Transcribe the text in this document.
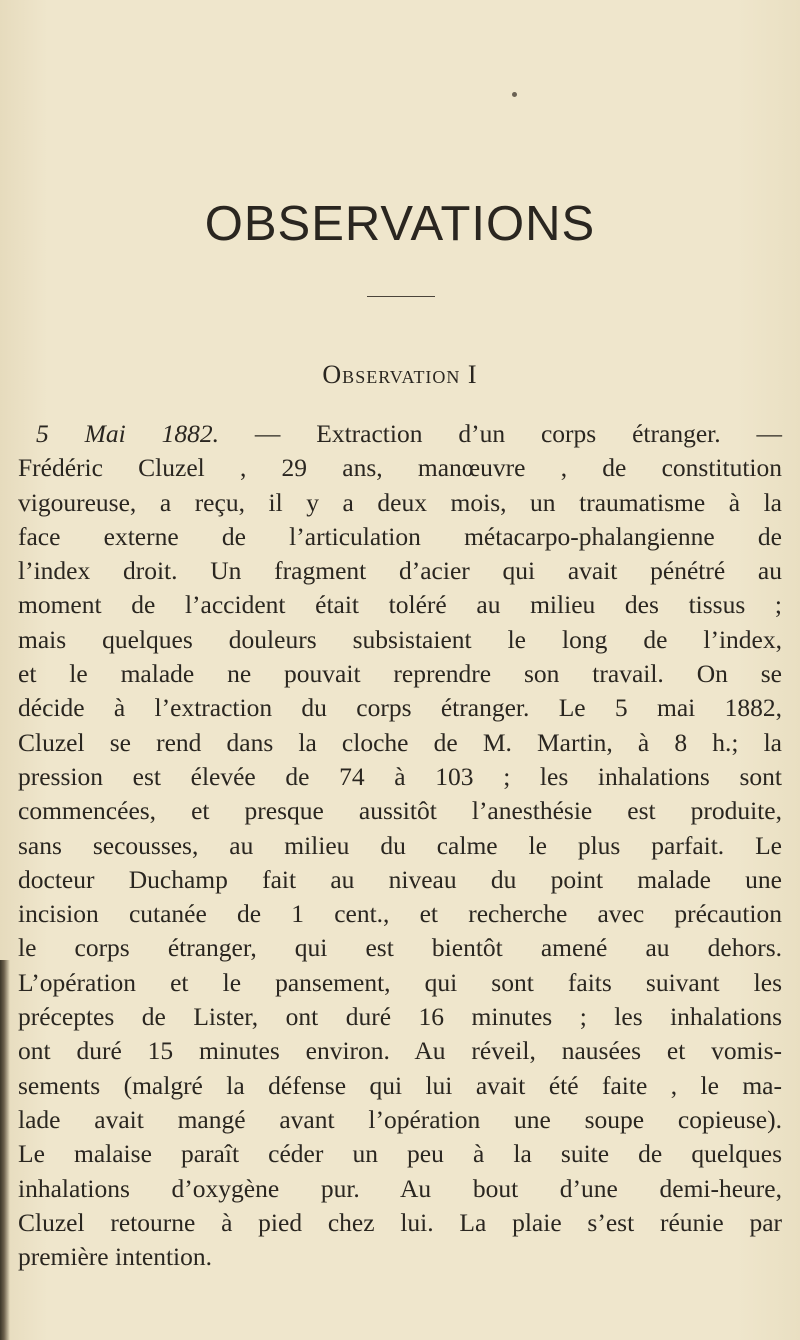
OBSERVATIONS
Observation I
5 Mai 1882. — Extraction d’un corps étranger. —
Frédéric Cluzel , 29 ans, manœuvre , de constitution
vigoureuse, a reçu, il y a deux mois, un traumatisme à la
face externe de l’articulation métacarpo-phalangienne de
l’index droit. Un fragment d’acier qui avait pénétré au
moment de l’accident était toléré au milieu des tissus ;
mais quelques douleurs subsistaient le long de l’index,
et le malade ne pouvait reprendre son travail. On se
décide à l’extraction du corps étranger. Le 5 mai 1882,
Cluzel se rend dans la cloche de M. Martin, à 8 h.; la
pression est élevée de 74 à 103 ; les inhalations sont
commencées, et presque aussitôt l’anesthésie est produite,
sans secousses, au milieu du calme le plus parfait. Le
docteur Duchamp fait au niveau du point malade une
incision cutanée de 1 cent., et recherche avec précaution
le corps étranger, qui est bientôt amené au dehors.
L’opération et le pansement, qui sont faits suivant les
préceptes de Lister, ont duré 16 minutes ; les inhalations
ont duré 15 minutes environ. Au réveil, nausées et vomis-
sements (malgré la défense qui lui avait été faite , le ma-
lade avait mangé avant l’opération une soupe copieuse).
Le malaise paraît céder un peu à la suite de quelques
inhalations d’oxygène pur. Au bout d’une demi-heure,
Cluzel retourne à pied chez lui. La plaie s’est réunie par
première intention.
